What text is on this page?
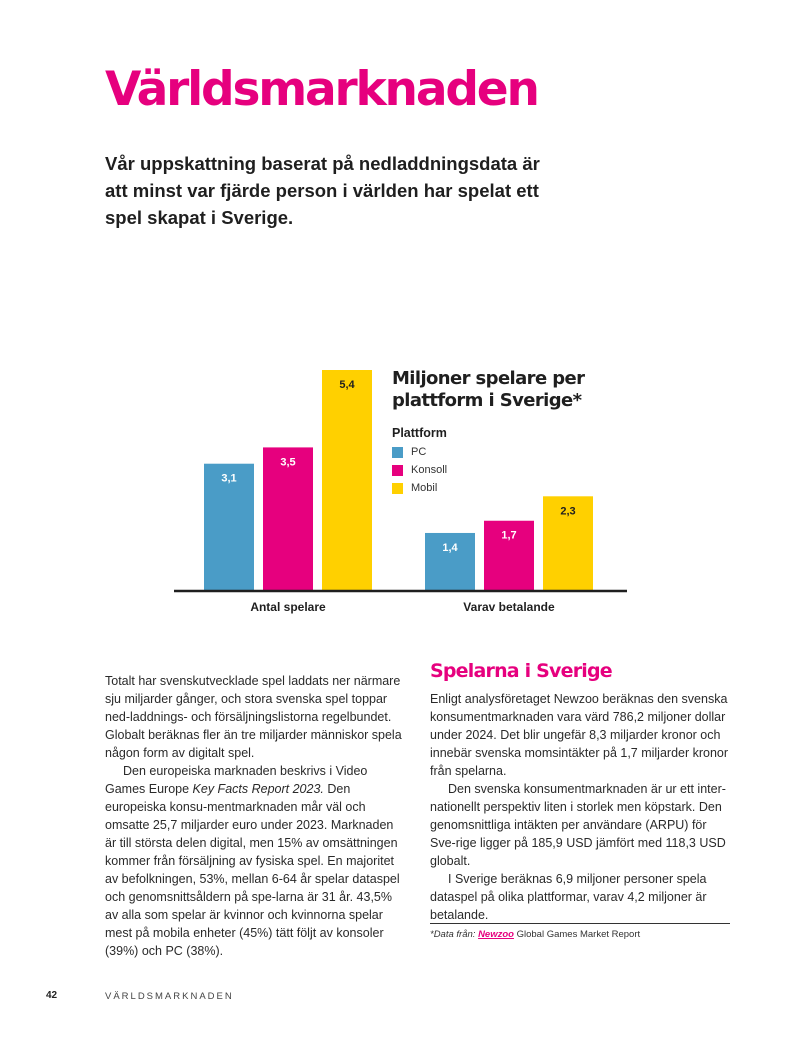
Världsmarknaden

Vår uppskattning baserat på nedladdningsdata är att minst var fjärde person i världen har spelat ett spel skapat i Sverige.

3,1
3,5
5,4
1,4
1,7
2,3
Antal spelare	Varav betalande

Miljoner spelare per plattform i Sverige*

Plattform
PC
Konsoll
Mobil

Totalt har svenskutvecklade spel laddats ner närmare sju miljarder gånger, och stora svenska spel toppar ned-laddnings- och försäljningslistorna regelbundet. Globalt beräknas fler än tre miljarder människor spela någon form av digitalt spel.

Den europeiska marknaden beskrivs i Video Games Europe Key Facts Report 2023. Den europeiska konsu-mentmarknaden mår väl och omsatte 25,7 miljarder euro under 2023. Marknaden är till största delen digital, men 15% av omsättningen kommer från försäljning av fysiska spel. En majoritet av befolkningen, 53%, mellan 6-64 år spelar dataspel och genomsnittsåldern på spe-larna är 31 år. 43,5% av alla som spelar är kvinnor och kvinnorna spelar mest på mobila enheter (45%) tätt följt av konsoler (39%) och PC (38%).

Spelarna i Sverige

Enligt analysföretaget Newzoo beräknas den svenska konsumentmarknaden vara värd 786,2 miljoner dollar under 2024. Det blir ungefär 8,3 miljarder kronor och innebär svenska momsintäkter på 1,7 miljarder kronor från spelarna.

Den svenska konsumentmarknaden är ur ett inter-nationellt perspektiv liten i storlek men köpstark. Den genomsnittliga intäkten per användare (ARPU) för Sve-rige ligger på 185,9 USD jämfört med 118,3 USD globalt.

I Sverige beräknas 6,9 miljoner personer spela dataspel på olika plattformar, varav 4,2 miljoner är betalande.

*Data från: Newzoo Global Games Market Report

42	VÄRLDSMARKNADEN
